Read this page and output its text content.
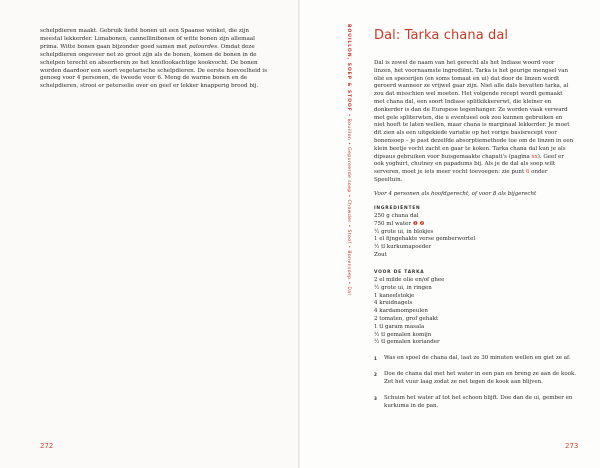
schelpdieren maakt. Gebruik liefst bonen uit een Spaanse winkel, die zijn meestal lekkerder. Limabonen, cannellinibonen of witte bonen zijn allemaal prima. Witte bonen gaan bijzonder goed samen met palourdes. Omdat deze schelpdieren ongeveer net zo groot zijn als de bonen, komen de bonen in de schelpen terecht en absorberen ze het knoflookachtige kookvocht. De bonen worden daardoor een soort vegetarische schelpdieren. De eerste hoeveelheid is genoeg voor 4 personen, de tweede voor 6. Meng de warme bonen en de schelpdieren, strooi er peterselie over en geef er lekker knapperig brood bij.

272

BOUILLON, SOEP & STOOF • Bouillon • Gepureerde soep • Chowder • Stoof • Bonensoep • Dal
Dal: Tarka chana dal

Dal is zowel de naam van het gerecht als het Indiase woord voor linzen, het voornaamste ingrediënt. Tarka is het geurige mengsel van olie en specerijen (en soms tomaat en ui) dat door de linzen wordt geroerd wanneer ze vrijwel gaar zijn. Niet alle dals bevatten tarka, al zou dat misschien wel moeten. Het volgende recept wordt gemaakt met chana dal, een soort Indiase splitkikkererwt, die kleiner en donkerder is dan de Europese tegenhanger. Ze worden vaak verward met gele spliterwten, die u eventueel ook zou kunnen gebruiken en niet hoeft te laten wellen, maar chana is marginaal lekkerder. Je moet dit zien als een uitgekiede variatie op het vorige basisrecept voor bonensoep – je past dezelfde absorptiemethode toe om de linzen in een klein beetje vocht zacht en gaar te koken. Tarka chana dal kun je als dipsaus gebruiken voor huisgemaakte chapati's (pagina xx). Geef er ook yoghurt, chutney en papadums bij. Als je de dal als soep wilt serveren, moet je iets meer vocht toevoegen: zie punt 6 onder Speeltuin.

Voor 4 personen als hoofdgerecht, of voor 8 als bijgerecht

INGREDIËNTEN

250 g chana dal
750 ml water ❶ ❷
½ grote ui, in blokjes
1 el fijngehakte verse gemberwortel
½ tl kurkumapoeder
Zout

VOOR DE TARKA

2 el milde olie en/of ghee
½ grote ui, in ringen
1 kaneelstokje
4 kruidnagels
4 kardamompeulen
2 tomaten, grof gehakt
1 tl garam masala
½ tl gemalen komijn
½ tl gemalen koriander
1 Was en spoel de chana dal, laat ze 30 minuten wellen en giet ze af.
2 Doe de chana dal met het water in een pan en breng ze aan de kook. Zet het vuur laag zodat ze net tegen de kook aan blijven.
3 Schuim het water af tot het schoon blijft. Doe dan de ui, gember en kurkuma in de pan.

273
